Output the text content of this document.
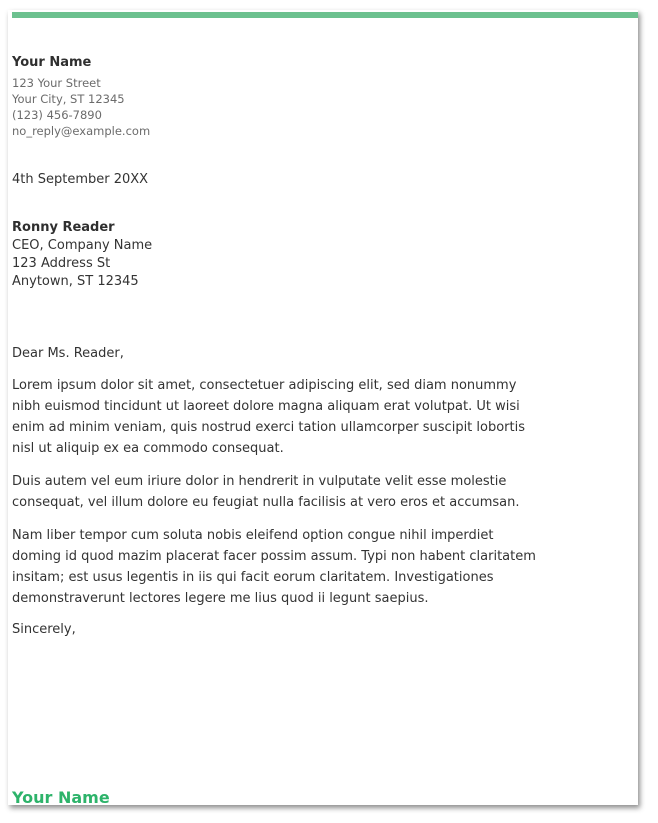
Your Name

123 Your Street

Your City, ST 12345

(123) 456-7890

no_reply@example.com

4th September 20XX
Ronny Reader

CEO, Company Name

123 Address St

Anytown, ST 12345

Dear Ms. Reader,

Lorem ipsum dolor sit amet, consectetuer adipiscing elit, sed diam nonummy nibh euismod tincidunt ut laoreet dolore magna aliquam erat volutpat. Ut wisi enim ad minim veniam, quis nostrud exerci tation ullamcorper suscipit lobortis nisl ut aliquip ex ea commodo consequat.

Duis autem vel eum iriure dolor in hendrerit in vulputate velit esse molestie consequat, vel illum dolore eu feugiat nulla facilisis at vero eros et accumsan.

Nam liber tempor cum soluta nobis eleifend option congue nihil imperdiet doming id quod mazim placerat facer possim assum. Typi non habent claritatem insitam; est usus legentis in iis qui facit eorum claritatem. Investigationes demonstraverunt lectores legere me lius quod ii legunt saepius.

Sincerely,
Your Name
